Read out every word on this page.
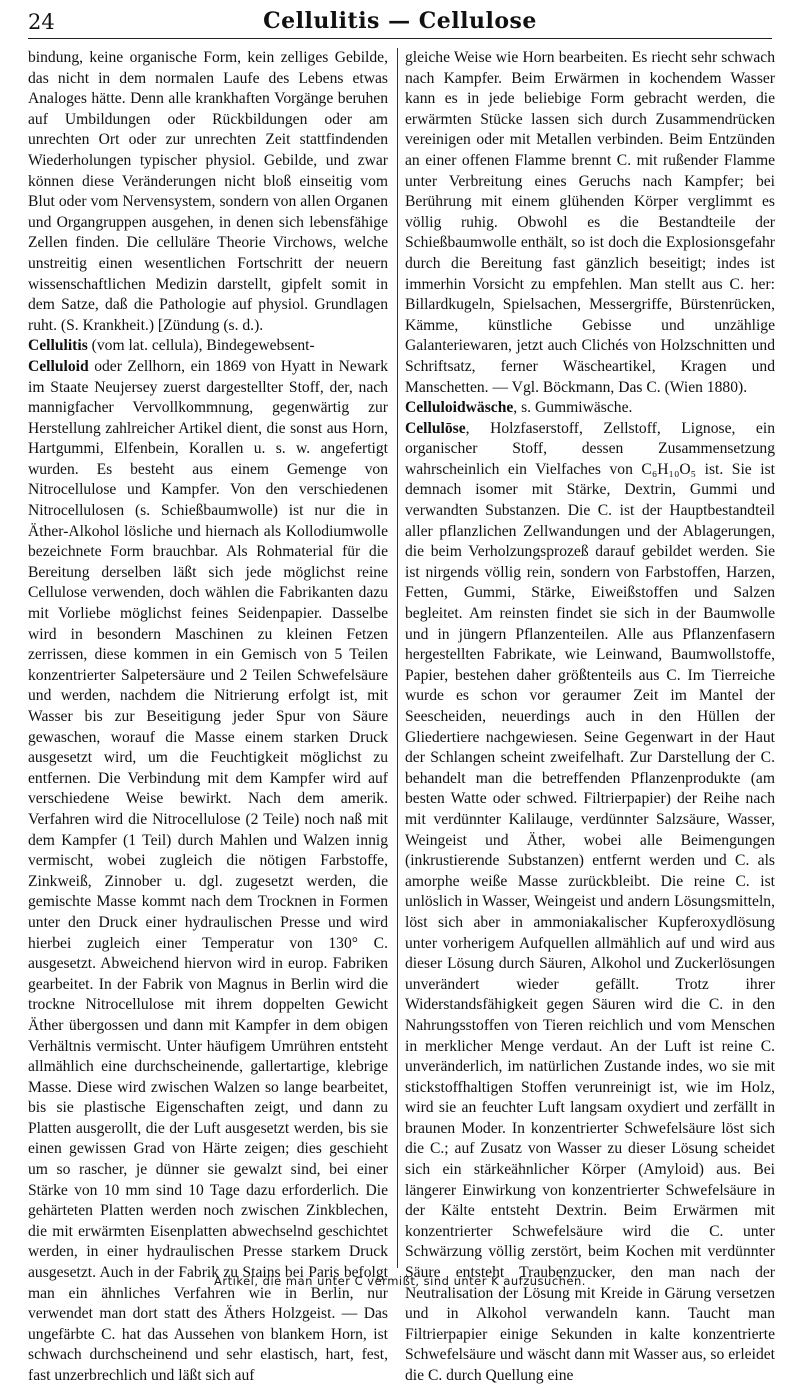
24	Cellulitis — Cellulose

bindung, keine organische Form, kein zelliges Gebilde, das nicht in dem normalen Laufe des Lebens etwas Analoges hätte. Denn alle krankhaften Vorgänge beruhen auf Umbildungen oder Rückbildungen oder am unrechten Ort oder zur unrechten Zeit stattfindenden Wiederholungen typischer physiol. Gebilde, und zwar können diese Veränderungen nicht bloß einseitig vom Blut oder vom Nervensystem, sondern von allen Organen und Organgruppen ausgehen, in denen sich lebensfähige Zellen finden. Die celluläre Theorie Virchows, welche unstreitig einen wesentlichen Fortschritt der neuern wissenschaftlichen Medizin darstellt, gipfelt somit in dem Satze, daß die Pathologie auf physiol. Grundlagen ruht. (S. Krankheit.) [Zündung (s. d.).

Cellulitis (vom lat. cellula), Bindegewebsent-

Celluloid oder Zellhorn, ein 1869 von Hyatt in Newark im Staate Neujersey zuerst dargestellter Stoff, der, nach mannigfacher Vervollkommnung, gegenwärtig zur Herstellung zahlreicher Artikel dient, die sonst aus Horn, Hartgummi, Elfenbein, Korallen u. s. w. angefertigt wurden. Es besteht aus einem Gemenge von Nitrocellulose und Kampfer. Von den verschiedenen Nitrocellulosen (s. Schießbaumwolle) ist nur die in Äther-Alkohol lösliche und hiernach als Kollodiumwolle bezeichnete Form brauchbar. Als Rohmaterial für die Bereitung derselben läßt sich jede möglichst reine Cellulose verwenden, doch wählen die Fabrikanten dazu mit Vorliebe möglichst feines Seidenpapier. Dasselbe wird in besondern Maschinen zu kleinen Fetzen zerrissen, diese kommen in ein Gemisch von 5 Teilen konzentrierter Salpetersäure und 2 Teilen Schwefelsäure und werden, nachdem die Nitrierung erfolgt ist, mit Wasser bis zur Beseitigung jeder Spur von Säure gewaschen, worauf die Masse einem starken Druck ausgesetzt wird, um die Feuchtigkeit möglichst zu entfernen. Die Verbindung mit dem Kampfer wird auf verschiedene Weise bewirkt. Nach dem amerik. Verfahren wird die Nitrocellulose (2 Teile) noch naß mit dem Kampfer (1 Teil) durch Mahlen und Walzen innig vermischt, wobei zugleich die nötigen Farbstoffe, Zinkweiß, Zinnober u. dgl. zugesetzt werden, die gemischte Masse kommt nach dem Trocknen in Formen unter den Druck einer hydraulischen Presse und wird hierbei zugleich einer Temperatur von 130° C. ausgesetzt. Abweichend hiervon wird in europ. Fabriken gearbeitet. In der Fabrik von Magnus in Berlin wird die trockne Nitrocellulose mit ihrem doppelten Gewicht Äther übergossen und dann mit Kampfer in dem obigen Verhältnis vermischt. Unter häufigem Umrühren entsteht allmählich eine durchscheinende, gallertartige, klebrige Masse. Diese wird zwischen Walzen so lange bearbeitet, bis sie plastische Eigenschaften zeigt, und dann zu Platten ausgerollt, die der Luft ausgesetzt werden, bis sie einen gewissen Grad von Härte zeigen; dies geschieht um so rascher, je dünner sie gewalzt sind, bei einer Stärke von 10 mm sind 10 Tage dazu erforderlich. Die gehärteten Platten werden noch zwischen Zinkblechen, die mit erwärmten Eisenplatten abwechselnd geschichtet werden, in einer hydraulischen Presse starkem Druck ausgesetzt. Auch in der Fabrik zu Stains bei Paris befolgt man ein ähnliches Verfahren wie in Berlin, nur verwendet man dort statt des Äthers Holzgeist. — Das ungefärbte C. hat das Aussehen von blankem Horn, ist schwach durchscheinend und sehr elastisch, hart, fest, fast unzerbrechlich und läßt sich auf

gleiche Weise wie Horn bearbeiten. Es riecht sehr schwach nach Kampfer. Beim Erwärmen in kochendem Wasser kann es in jede beliebige Form gebracht werden, die erwärmten Stücke lassen sich durch Zusammendrücken vereinigen oder mit Metallen verbinden. Beim Entzünden an einer offenen Flamme brennt C. mit rußender Flamme unter Verbreitung eines Geruchs nach Kampfer; bei Berührung mit einem glühenden Körper verglimmt es völlig ruhig. Obwohl es die Bestandteile der Schießbaumwolle enthält, so ist doch die Explosionsgefahr durch die Bereitung fast gänzlich beseitigt; indes ist immerhin Vorsicht zu empfehlen. Man stellt aus C. her: Billardkugeln, Spielsachen, Messergriffe, Bürstenrücken, Kämme, künstliche Gebisse und unzählige Galanteriewaren, jetzt auch Clichés von Holzschnitten und Schriftsatz, ferner Wäscheartikel, Kragen und Manschetten. — Vgl. Böckmann, Das C. (Wien 1880).

Celluloidwäsche, s. Gummiwäsche.

Cellulōse, Holzfaserstoff, Zellstoff, Lignose, ein organischer Stoff, dessen Zusammensetzung wahrscheinlich ein Vielfaches von C₆H₁₀O₅ ist. Sie ist demnach isomer mit Stärke, Dextrin, Gummi und verwandten Substanzen. Die C. ist der Hauptbestandteil aller pflanzlichen Zellwandungen und der Ablagerungen, die beim Verholzungsprozeß darauf gebildet werden. Sie ist nirgends völlig rein, sondern von Farbstoffen, Harzen, Fetten, Gummi, Stärke, Eiweißstoffen und Salzen begleitet. Am reinsten findet sie sich in der Baumwolle und in jüngern Pflanzenteilen. Alle aus Pflanzenfasern hergestellten Fabrikate, wie Leinwand, Baumwollstoffe, Papier, bestehen daher größtenteils aus C. Im Tierreiche wurde es schon vor geraumer Zeit im Mantel der Seescheiden, neuerdings auch in den Hüllen der Gliedertiere nachgewiesen. Seine Gegenwart in der Haut der Schlangen scheint zweifelhaft. Zur Darstellung der C. behandelt man die betreffenden Pflanzenprodukte (am besten Watte oder schwed. Filtrierpapier) der Reihe nach mit verdünnter Kalilauge, verdünnter Salzsäure, Wasser, Weingeist und Äther, wobei alle Beimengungen (inkrustierende Substanzen) entfernt werden und C. als amorphe weiße Masse zurückbleibt. Die reine C. ist unlöslich in Wasser, Weingeist und andern Lösungsmitteln, löst sich aber in ammoniakalischer Kupferoxydlösung unter vorherigem Aufquellen allmählich auf und wird aus dieser Lösung durch Säuren, Alkohol und Zuckerlösungen unverändert wieder gefällt. Trotz ihrer Widerstandsfähigkeit gegen Säuren wird die C. in den Nahrungsstoffen von Tieren reichlich und vom Menschen in merklicher Menge verdaut. An der Luft ist reine C. unveränderlich, im natürlichen Zustande indes, wo sie mit stickstoffhaltigen Stoffen verunreinigt ist, wie im Holz, wird sie an feuchter Luft langsam oxydiert und zerfällt in braunen Moder. In konzentrierter Schwefelsäure löst sich die C.; auf Zusatz von Wasser zu dieser Lösung scheidet sich ein stärkeähnlicher Körper (Amyloid) aus. Bei längerer Einwirkung von konzentrierter Schwefelsäure in der Kälte entsteht Dextrin. Beim Erwärmen mit konzentrierter Schwefelsäure wird die C. unter Schwärzung völlig zerstört, beim Kochen mit verdünnter Säure entsteht Traubenzucker, den man nach der Neutralisation der Lösung mit Kreide in Gärung versetzen und in Alkohol verwandeln kann. Taucht man Filtrierpapier einige Sekunden in kalte konzentrierte Schwefelsäure und wäscht dann mit Wasser aus, so erleidet die C. durch Quellung eine

Artikel, die man unter C vermißt, sind unter K aufzusuchen.
